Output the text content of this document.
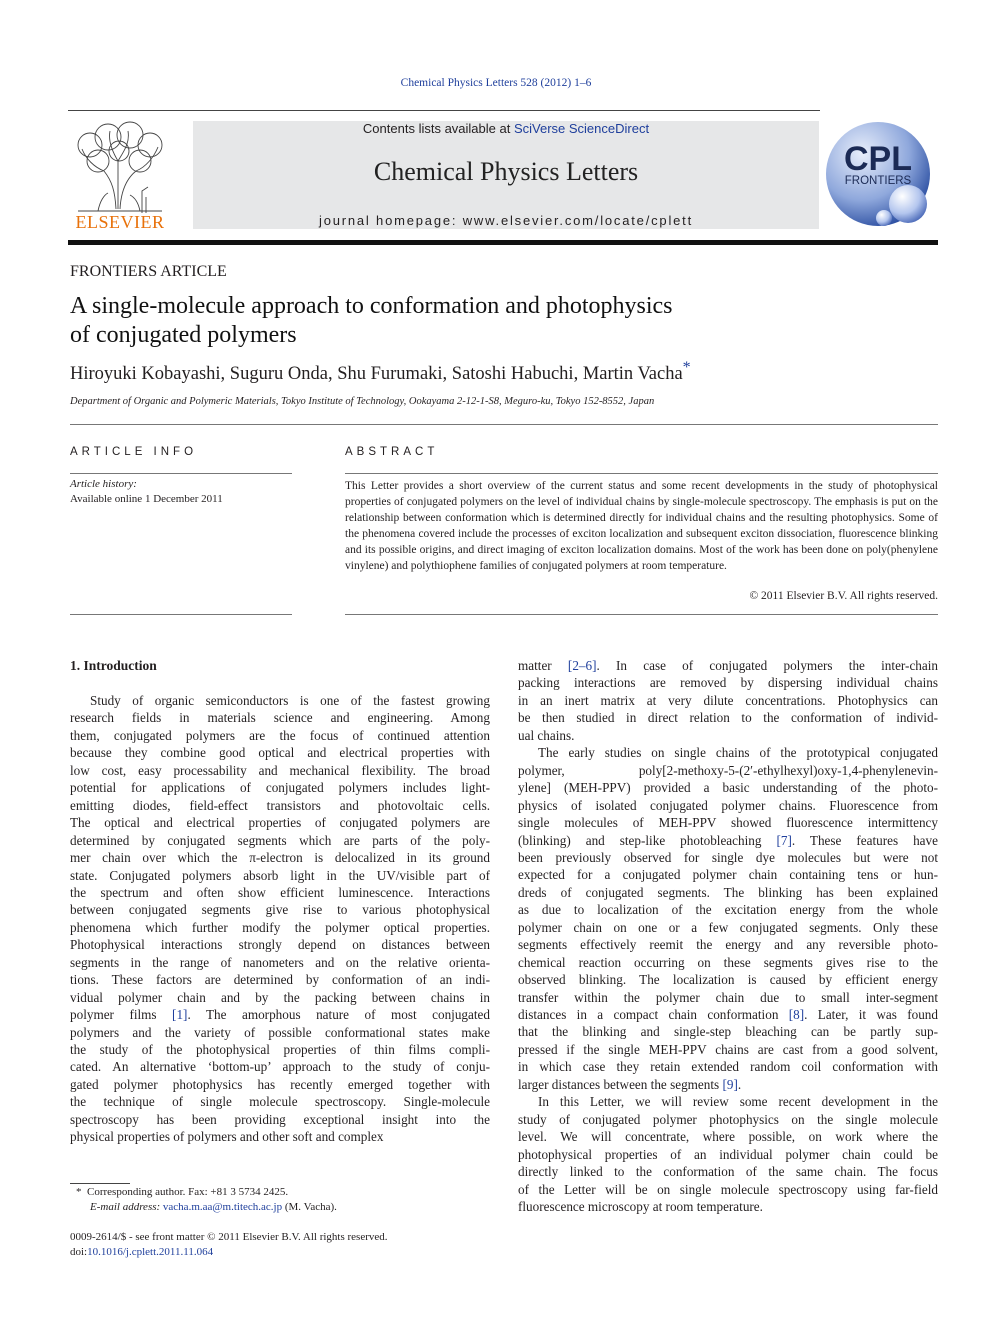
Chemical Physics Letters 528 (2012) 1–6
ELSEVIER
Contents lists available at SciVerse ScienceDirect
Chemical Physics Letters
journal homepage: www.elsevier.com/locate/cplett
CPL
FRONTIERS
FRONTIERS ARTICLE
A single-molecule approach to conformation and photophysics
of conjugated polymers
Hiroyuki Kobayashi, Suguru Onda, Shu Furumaki, Satoshi Habuchi, Martin Vacha*
Department of Organic and Polymeric Materials, Tokyo Institute of Technology, Ookayama 2-12-1-S8, Meguro-ku, Tokyo 152-8552, Japan
ARTICLE INFO	ABSTRACT
Article history:
Available online 1 December 2011
This Letter provides a short overview of the current status and some recent developments in the study of photophysical properties of conjugated polymers on the level of individual chains by single-molecule spectroscopy. The emphasis is put on the relationship between conformation which is determined directly for individual chains and the resulting photophysics. Some of the phenomena covered include the processes of exciton localization and subsequent exciton dissociation, fluorescence blinking and its possible origins, and direct imaging of exciton localization domains. Most of the work has been done on poly(phenylene vinylene) and polythiophene families of conjugated polymers at room temperature.
© 2011 Elsevier B.V. All rights reserved.
1. Introduction
Study of organic semiconductors is one of the fastest growing
research fields in materials science and engineering. Among
them, conjugated polymers are the focus of continued attention
because they combine good optical and electrical properties with
low cost, easy processability and mechanical flexibility. The broad
potential for applications of conjugated polymers includes light-
emitting diodes, field-effect transistors and photovoltaic cells.
The optical and electrical properties of conjugated polymers are
determined by conjugated segments which are parts of the poly-
mer chain over which the π-electron is delocalized in its ground
state. Conjugated polymers absorb light in the UV/visible part of
the spectrum and often show efficient luminescence. Interactions
between conjugated segments give rise to various photophysical
phenomena which further modify the polymer optical properties.
Photophysical interactions strongly depend on distances between
segments in the range of nanometers and on the relative orienta-
tions. These factors are determined by conformation of an indi-
vidual polymer chain and by the packing between chains in
polymer films [1]. The amorphous nature of most conjugated
polymers and the variety of possible conformational states make
the study of the photophysical properties of thin films compli-
cated. An alternative ‘bottom-up’ approach to the study of conju-
gated polymer photophysics has recently emerged together with
the technique of single molecule spectroscopy. Single-molecule
spectroscopy has been providing exceptional insight into the
physical properties of polymers and other soft and complex
matter [2–6]. In case of conjugated polymers the inter-chain
packing interactions are removed by dispersing individual chains
in an inert matrix at very dilute concentrations. Photophysics can
be then studied in direct relation to the conformation of individ-
ual chains.
The early studies on single chains of the prototypical conjugated
polymer, poly[2-methoxy-5-(2′-ethylhexyl)oxy-1,4-phenylenevin-
ylene] (MEH-PPV) provided a basic understanding of the photo-
physics of isolated conjugated polymer chains. Fluorescence from
single molecules of MEH-PPV showed fluorescence intermittency
(blinking) and step-like photobleaching [7]. These features have
been previously observed for single dye molecules but were not
expected for a conjugated polymer chain containing tens or hun-
dreds of conjugated segments. The blinking has been explained
as due to localization of the excitation energy from the whole
polymer chain on one or a few conjugated segments. Only these
segments effectively reemit the energy and any reversible photo-
chemical reaction occurring on these segments gives rise to the
observed blinking. The localization is caused by efficient energy
transfer within the polymer chain due to small inter-segment
distances in a compact chain conformation [8]. Later, it was found
that the blinking and single-step bleaching can be partly sup-
pressed if the single MEH-PPV chains are cast from a good solvent,
in which case they retain extended random coil conformation with
larger distances between the segments [9].
In this Letter, we will review some recent development in the
study of conjugated polymer photophysics on the single molecule
level. We will concentrate, where possible, on work where the
photophysical properties of an individual polymer chain could be
directly linked to the conformation of the same chain. The focus
of the Letter will be on single molecule spectroscopy using far-field
fluorescence microscopy at room temperature.
* Corresponding author. Fax: +81 3 5734 2425.
E-mail address: vacha.m.aa@m.titech.ac.jp (M. Vacha).
0009-2614/$ - see front matter © 2011 Elsevier B.V. All rights reserved.
doi:10.1016/j.cplett.2011.11.064
